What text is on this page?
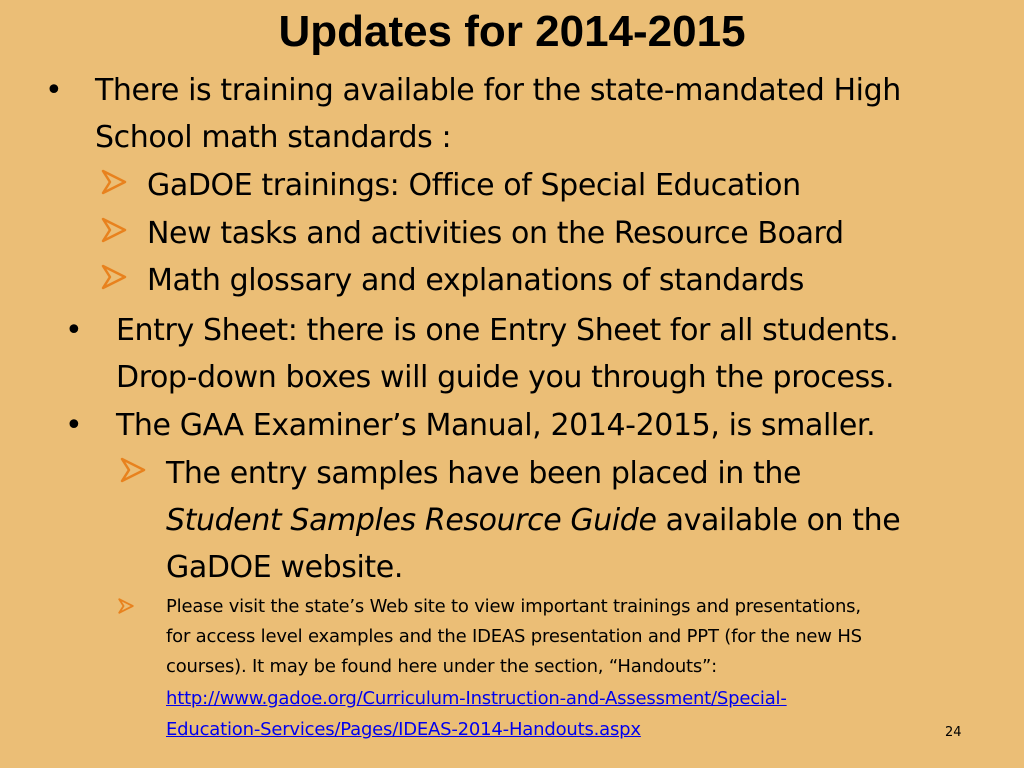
Updates for 2014-2015
• There is training available for the state-mandated High
School math standards :
GaDOE trainings: Office of Special Education
New tasks and activities on the Resource Board
Math glossary and explanations of standards
• Entry Sheet: there is one Entry Sheet for all students.
Drop-down boxes will guide you through the process.
• The GAA Examiner’s Manual, 2014-2015, is smaller.
The entry samples have been placed in the
Student Samples Resource Guide available on the
GaDOE website.
Please visit the state’s Web site to view important trainings and presentations,
for access level examples and the IDEAS presentation and PPT (for the new HS
courses). It may be found here under the section, “Handouts”:
http://www.gadoe.org/Curriculum-Instruction-and-Assessment/Special-
Education-Services/Pages/IDEAS-2014-Handouts.aspx	24
